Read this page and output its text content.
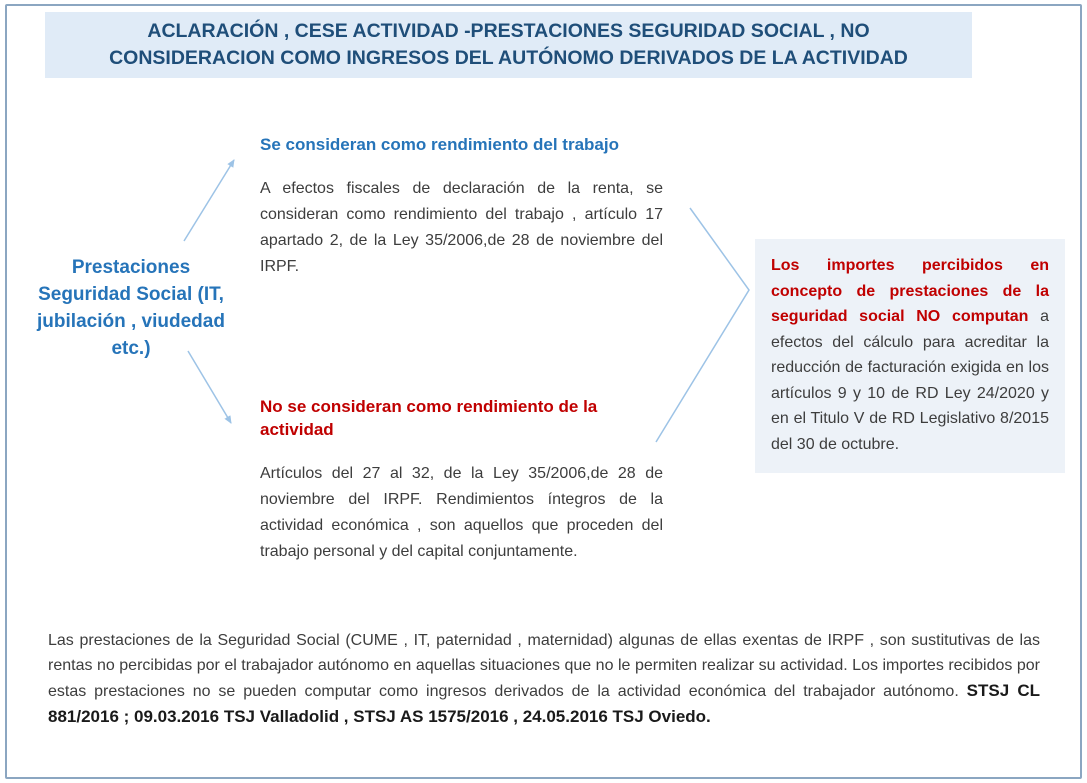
ACLARACIÓN , CESE ACTIVIDAD -PRESTACIONES SEGURIDAD SOCIAL , NO
CONSIDERACION COMO INGRESOS DEL AUTÓNOMO DERIVADOS DE LA ACTIVIDAD
Prestaciones
Seguridad Social (IT,
jubilación , viudedad
etc.)
Se consideran como rendimiento del trabajo

A efectos fiscales de declaración de la renta, se consideran como rendimiento del trabajo , artículo 17 apartado 2, de la Ley 35/2006,de 28 de noviembre del IRPF.

No se consideran como rendimiento de la actividad

Artículos del 27 al 32, de la Ley 35/2006,de 28 de noviembre del IRPF. Rendimientos íntegros de la actividad económica , son aquellos que proceden del trabajo personal y del capital conjuntamente.

Los importes percibidos en concepto de prestaciones de la seguridad social NO computan a efectos del cálculo para acreditar la reducción de facturación exigida en los artículos 9 y 10 de RD Ley 24/2020 y en el Titulo V de RD Legislativo 8/2015 del 30 de octubre.

Las prestaciones de la Seguridad Social (CUME , IT, paternidad , maternidad) algunas de ellas exentas de IRPF , son sustitutivas de las rentas no percibidas por el trabajador autónomo en aquellas situaciones que no le permiten realizar su actividad. Los importes recibidos por estas prestaciones no se pueden computar como ingresos derivados de la actividad económica del trabajador autónomo. STSJ CL 881/2016 ; 09.03.2016 TSJ Valladolid , STSJ AS 1575/2016 , 24.05.2016 TSJ Oviedo.
